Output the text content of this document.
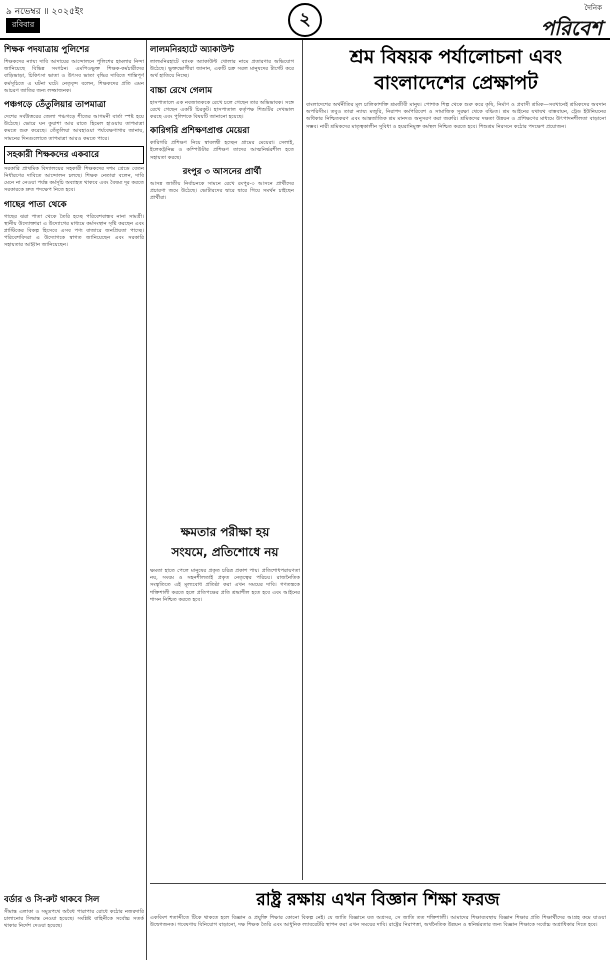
৯ নভেম্বর ॥ ২০২৫ইং
রবিবার	২
দৈনিক
পরিবেশ
শিক্ষক পদযাত্রায় পুলিশের
শিক্ষকদের ন্যায্য দাবি আদায়ের আন্দোলনে পুলিশের হামলার নিন্দা জানিয়েছে বিভিন্ন সংগঠন। এমপিওভুক্ত শিক্ষক-কর্মচারীদের বাড়িভাড়া, চিকিৎসা ভাতা ও উৎসব ভাতা বৃদ্ধির দাবিতে শান্তিপূর্ণ কর্মসূচিতে এ ঘটনা ঘটে। নেতৃবৃন্দ বলেন, শিক্ষকদের প্রতি এমন আচরণ জাতির জন্য লজ্জাজনক।
পঞ্চগড়ে তেঁতুলিয়ার তাপমাত্রা
দেশের সর্বউত্তরের জেলা পঞ্চগড়ে শীতের আগমনী বার্তা স্পষ্ট হয়ে উঠেছে। ভোরে ঘন কুয়াশা আর রাতে হিমেল হাওয়ায় তাপমাত্রা কমতে শুরু করেছে। তেঁতুলিয়া আবহাওয়া পর্যবেক্ষণাগার জানায়, সামনের দিনগুলোতে তাপমাত্রা আরও কমতে পারে।
সহকারী শিক্ষকদের একবারে
সরকারি প্রাথমিক বিদ্যালয়ের সহকারী শিক্ষকদের দশম গ্রেডে বেতন নির্ধারণের দাবিতে আন্দোলন চলছে। শিক্ষক নেতারা বলেন, দাবি মেনে না নেওয়া পর্যন্ত কর্মসূচি অব্যাহত থাকবে এবং বৈষম্য দূর করতে সরকারকে দ্রুত পদক্ষেপ নিতে হবে।
গাছের পাতা থেকে
গাছের ঝরা পাতা থেকে তৈরি হচ্ছে পরিবেশবান্ধব নানা সামগ্রী। স্থানীয় উদ্যোক্তারা এ উদ্যোগের মাধ্যমে কর্মসংস্থান সৃষ্টি করছেন এবং প্লাস্টিকের বিকল্প হিসেবে এসব পণ্য বাজারে জনপ্রিয়তা পাচ্ছে। পরিবেশবিদরা এ উদ্যোগকে স্বাগত জানিয়েছেন এবং সরকারি সহায়তার আহ্বান জানিয়েছেন।
বর্ডার ও সি-রুট থাকবে সিল
সীমান্ত এলাকা ও সমুদ্রপথে অবৈধ পারাপার রোধে কঠোর নজরদারি চালানোর সিদ্ধান্ত নেওয়া হয়েছে। সংশ্লিষ্ট বাহিনীকে সর্বোচ্চ সতর্ক থাকার নির্দেশ দেওয়া হয়েছে।
লালমনিরহাটে অ্যাকাউন্ট
লালমনিরহাটে ব্যাংক অ্যাকাউন্ট খোলার নামে প্রতারণার অভিযোগ উঠেছে। ভুক্তভোগীরা জানান, একটি চক্র সরল মানুষদের টার্গেট করে অর্থ হাতিয়ে নিচ্ছে।
বাচ্চা রেখে গেলাম
হাসপাতালে এক নবজাতককে রেখে চলে গেছেন তার অভিভাবক। সঙ্গে রেখে গেছেন একটি চিরকুট। হাসপাতাল কর্তৃপক্ষ শিশুটির দেখভাল করছে এবং পুলিশকে বিষয়টি জানানো হয়েছে।
কারিগরি প্রশিক্ষণপ্রাপ্ত মেয়েরা
কারিগরি প্রশিক্ষণ নিয়ে স্বাবলম্বী হচ্ছেন গ্রামের মেয়েরা। সেলাই, ইলেকট্রনিক্স ও কম্পিউটার প্রশিক্ষণ তাদের আত্মনির্ভরশীল হতে সহায়তা করছে।
রংপুর ৩ আসনের প্রার্থী
আসন্ন জাতীয় নির্বাচনকে সামনে রেখে রংপুর-৩ আসনে প্রার্থীদের প্রচারণা জমে উঠেছে। ভোটারদের দ্বারে দ্বারে গিয়ে সমর্থন চাইছেন প্রার্থীরা।
ক্ষমতার পরীক্ষা হয়
সংযমে, প্রতিশোধে নয়
ক্ষমতা হাতে পেলে মানুষের প্রকৃত চরিত্র প্রকাশ পায়। প্রতিশোধপরায়ণতা নয়, সংযম ও সহনশীলতাই প্রকৃত নেতৃত্বের পরিচয়। রাজনৈতিক সংস্কৃতিতে এই মূল্যবোধ প্রতিষ্ঠা করা এখন সময়ের দাবি। গণতন্ত্রকে শক্তিশালী করতে হলে প্রতিপক্ষের প্রতি শ্রদ্ধাশীল হতে হবে এবং আইনের শাসন নিশ্চিত করতে হবে।
শ্রম বিষয়ক পর্যালোচনা এবং
বাংলাদেশের প্রেক্ষাপট
বাংলাদেশের অর্থনীতির মূল চালিকাশক্তি শ্রমজীবী মানুষ। পোশাক শিল্প থেকে শুরু করে কৃষি, নির্মাণ ও প্রবাসী শ্রমিক—সবখানেই শ্রমিকদের অবদান অপরিসীম। তবুও তারা ন্যায্য মজুরি, নিরাপদ কর্মপরিবেশ ও সামাজিক সুরক্ষা থেকে বঞ্চিত। শ্রম আইনের যথাযথ বাস্তবায়ন, ট্রেড ইউনিয়নের অধিকার নিশ্চিতকরণ এবং আন্তর্জাতিক শ্রম মানদণ্ড অনুসরণ করা জরুরি। শ্রমিকদের দক্ষতা উন্নয়ন ও প্রশিক্ষণের মাধ্যমে উৎপাদনশীলতা বাড়ানো সম্ভব। নারী শ্রমিকদের মাতৃত্বকালীন সুবিধা ও হয়রানিমুক্ত কর্মস্থল নিশ্চিত করতে হবে। শিশুশ্রম নিরসনে কঠোর পদক্ষেপ প্রয়োজন।
রাষ্ট্র রক্ষায় এখন বিজ্ঞান শিক্ষা ফরজ
একবিংশ শতাব্দীতে টিকে থাকতে হলে বিজ্ঞান ও প্রযুক্তি শিক্ষার কোনো বিকল্প নেই। যে জাতি বিজ্ঞানে যত অগ্রসর, সে জাতি তত শক্তিশালী। আমাদের শিক্ষাব্যবস্থায় বিজ্ঞান শিক্ষার প্রতি শিক্ষার্থীদের আগ্রহ কমে যাওয়া উদ্বেগজনক। গবেষণায় বিনিয়োগ বাড়ানো, দক্ষ শিক্ষক তৈরি এবং আধুনিক ল্যাবরেটরি স্থাপন করা এখন সময়ের দাবি। রাষ্ট্রের নিরাপত্তা, অর্থনৈতিক উন্নয়ন ও স্বনির্ভরতার জন্য বিজ্ঞান শিক্ষাকে সর্বোচ্চ অগ্রাধিকার দিতে হবে।
